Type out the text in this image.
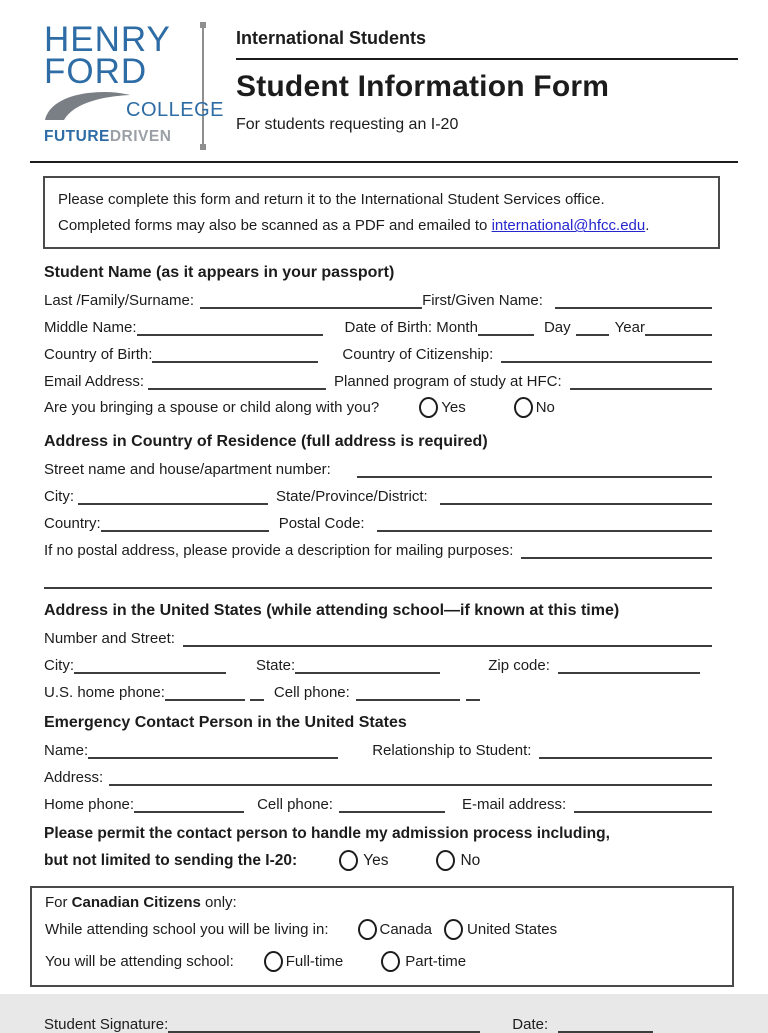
HENRY
FORD
COLLEGE
FUTUREDRIVEN
International Students
Student Information Form
For students requesting an I-20

Please complete this form and return it to the International Student Services office.

Completed forms may also be scanned as a PDF and emailed to international@hfcc.edu.

Student Name (as it appears in your passport)
Last /Family/Surname:	First/Given Name:
Middle Name:	Date of Birth: Month	Day	Year
Country of Birth:	Country of Citizenship:
Email Address:	Planned program of study at HFC:
Are you bringing a spouse or child along with you?	Yes	No
Address in Country of Residence (full address is required)
Street name and house/apartment number:
City:	State/Province/District:
Country:	Postal Code:
If no postal address, please provide a description for mailing purposes:
Address in the United States (while attending school—if known at this time)
Number and Street:
City:	State:	Zip code:
U.S. home phone:	Cell phone:
Emergency Contact Person in the United States
Name:	Relationship to Student:
Address:
Home phone:	Cell phone:	E-mail address:
Please permit the contact person to handle my admission process including,
but not limited to sending the I-20:	Yes	No
For Canadian Citizens only:
While attending school you will be living in:	Canada United States
You will be attending school:	Full-time	Part-time
Student Signature:	Date:
